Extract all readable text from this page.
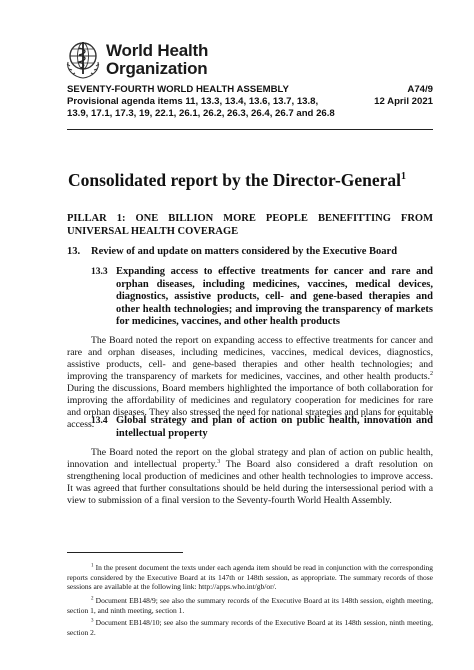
World Health
Organization
SEVENTY-FOURTH WORLD HEALTH ASSEMBLY	A74/9
Provisional agenda items 11, 13.3, 13.4, 13.6, 13.7, 13.8,	12 April 2021
13.9, 17.1, 17.3, 19, 22.1, 26.1, 26.2, 26.3, 26.4, 26.7 and 26.8
Consolidated report by the Director-General$^1$
PILLAR 1: ONE BILLION MORE PEOPLE BENEFITTING FROM UNIVERSAL HEALTH COVERAGE
13. Review of and update on matters considered by the Executive Board
13.3 Expanding access to effective treatments for cancer and rare and orphan diseases, including medicines, vaccines, medical devices, diagnostics, assistive products, cell- and gene-based therapies and other health technologies; and improving the transparency of markets for medicines, vaccines, and other health products
The Board noted the report on expanding access to effective treatments for cancer and rare and orphan diseases, including medicines, vaccines, medical devices, diagnostics, assistive products, cell- and gene-based therapies and other health technologies; and improving the transparency of markets for medicines, vaccines, and other health products.$^2$ During the discussions, Board members highlighted the importance of both collaboration for improving the affordability of medicines and regulatory cooperation for medicines for rare and orphan diseases. They also stressed the need for national strategies and plans for equitable access.
13.4 Global strategy and plan of action on public health, innovation and intellectual property
The Board noted the report on the global strategy and plan of action on public health, innovation and intellectual property.$^3$ The Board also considered a draft resolution on strengthening local production of medicines and other health technologies to improve access. It was agreed that further consultations should be held during the intersessional period with a view to submission of a final version to the Seventy-fourth World Health Assembly.
$^1$ In the present document the texts under each agenda item should be read in conjunction with the corresponding reports considered by the Executive Board at its 147th or 148th session, as appropriate. The summary records of those sessions are available at the following link: http://apps.who.int/gb/or/.
$^2$ Document EB148/9; see also the summary records of the Executive Board at its 148th session, eighth meeting, section 1, and ninth meeting, section 1.
$^3$ Document EB148/10; see also the summary records of the Executive Board at its 148th session, ninth meeting, section 2.
